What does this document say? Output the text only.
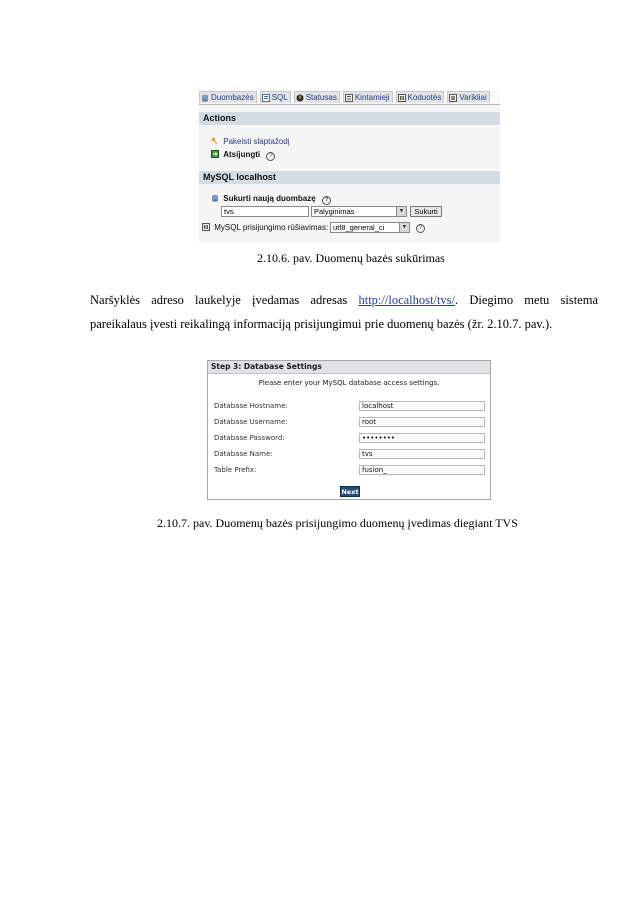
Duombazės SQL Statusas Kintamieji Koduotės Varikliai
Actions
Pakeisti slaptažodį
Atsijungti ?
MySQL localhost
Sukurti naują duombazę ?
tvs	Palyginimas	▼	Sukurti
MySQL prisijungimo rūšiavimas: utf8_general_ci	▼	?
2.10.6. pav. Duomenų bazės sukūrimas
Naršyklės adreso laukelyje įvedamas adresas http://localhost/tvs/. Diegimo metu sistema
pareikalaus įvesti reikalingą informaciją prisijungimui prie duomenų bazės (žr. 2.10.7. pav.).
Step 3: Database Settings
Please enter your MySQL database access settings.
Database Hostname:	localhost
Database Username:	root
Database Password:	••••••••
Database Name:	tvs
Table Prefix:	fusion_
Next
2.10.7. pav. Duomenų bazės prisijungimo duomenų įvedimas diegiant TVS
